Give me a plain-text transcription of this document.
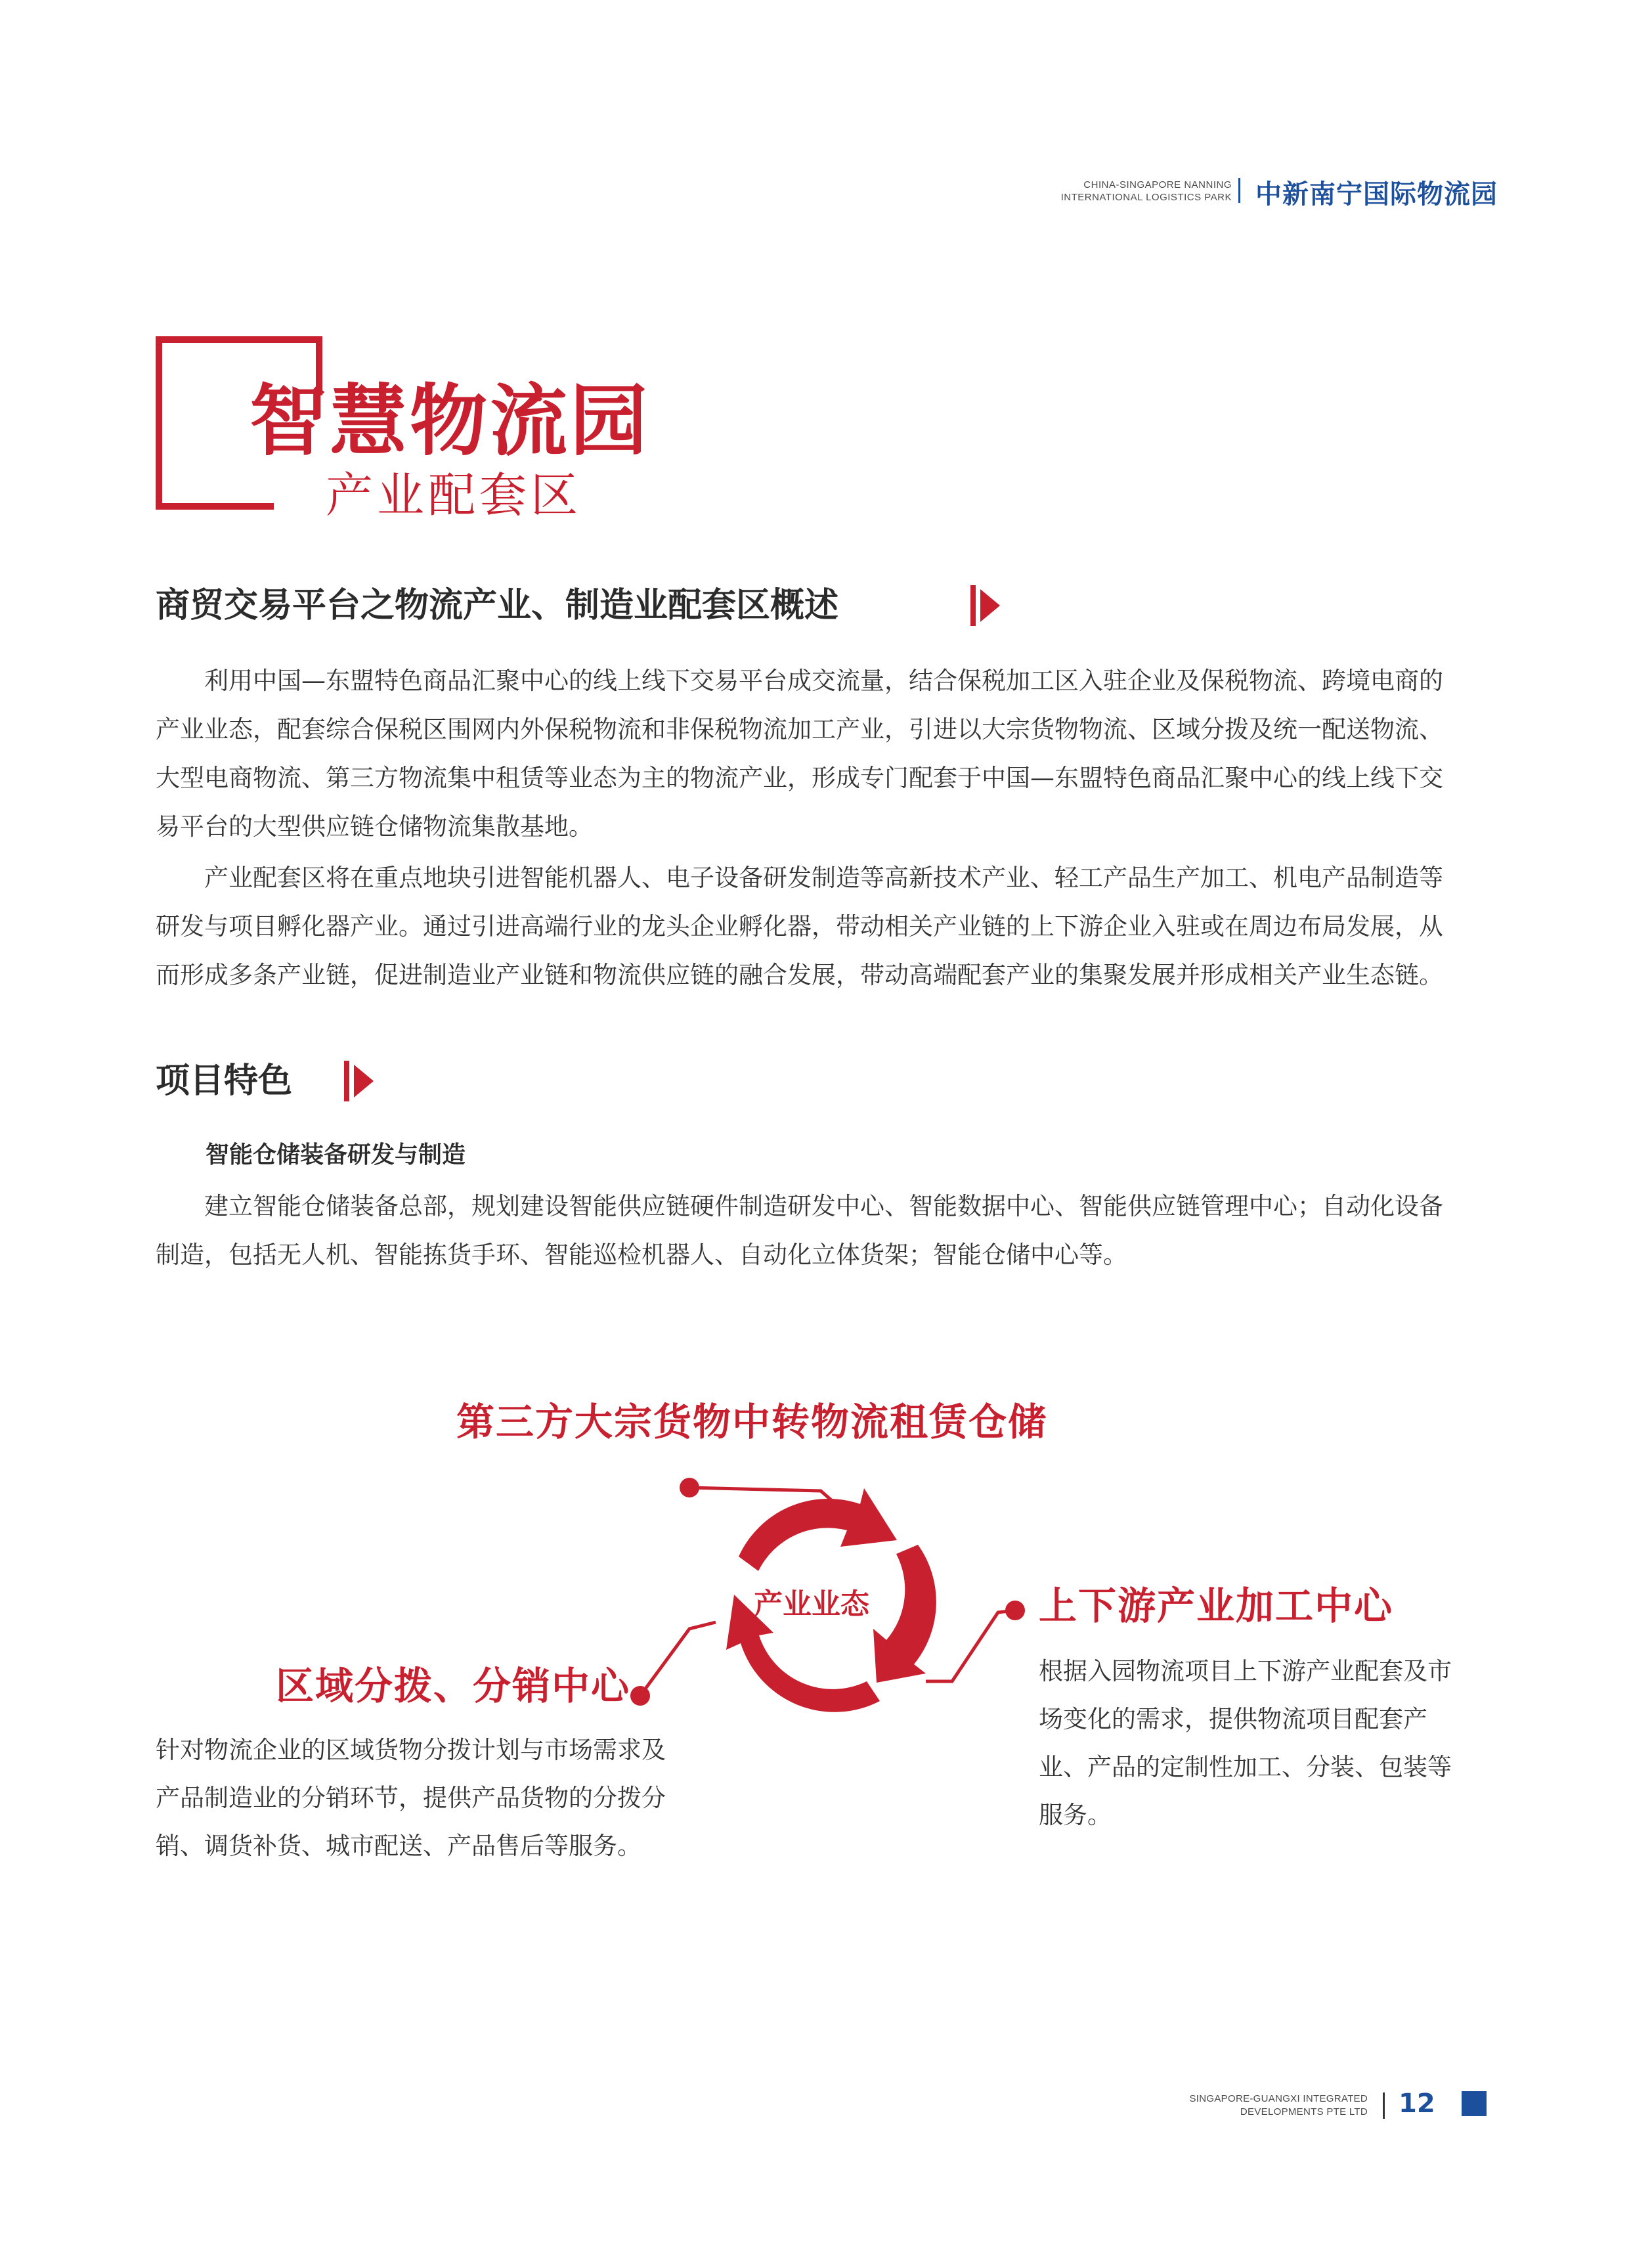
CHINA-SINGAPORE NANNING
INTERNATIONAL LOGISTICS PARK 中新南宁国际物流园
智慧物流园
产业配套区
商贸交易平台之物流产业、制造业配套区概述
利用中国—东盟特色商品汇聚中心的线上线下交易平台成交流量，结合保税加工区入驻企业及保税物流、跨境电商的
产业业态，配套综合保税区围网内外保税物流和非保税物流加工产业，引进以大宗货物物流、区域分拨及统一配送物流、
大型电商物流、第三方物流集中租赁等业态为主的物流产业，形成专门配套于中国—东盟特色商品汇聚中心的线上线下交
易平台的大型供应链仓储物流集散基地。
产业配套区将在重点地块引进智能机器人、电子设备研发制造等高新技术产业、轻工产品生产加工、机电产品制造等
研发与项目孵化器产业。通过引进高端行业的龙头企业孵化器，带动相关产业链的上下游企业入驻或在周边布局发展，从
而形成多条产业链，促进制造业产业链和物流供应链的融合发展，带动高端配套产业的集聚发展并形成相关产业生态链。
项目特色
智能仓储装备研发与制造
建立智能仓储装备总部，规划建设智能供应链硬件制造研发中心、智能数据中心、智能供应链管理中心；自动化设备
制造，包括无人机、智能拣货手环、智能巡检机器人、自动化立体货架；智能仓储中心等。
第三方大宗货物中转物流租赁仓储
产业业态
区域分拨、分销中心
针对物流企业的区域货物分拨计划与市场需求及
产品制造业的分销环节，提供产品货物的分拨分
销、调货补货、城市配送、产品售后等服务。
上下游产业加工中心
根据入园物流项目上下游产业配套及市
场变化的需求，提供物流项目配套产
业、产品的定制性加工、分装、包装等
服务。
SINGAPORE-GUANGXI INTEGRATED
DEVELOPMENTS PTE LTD 12
